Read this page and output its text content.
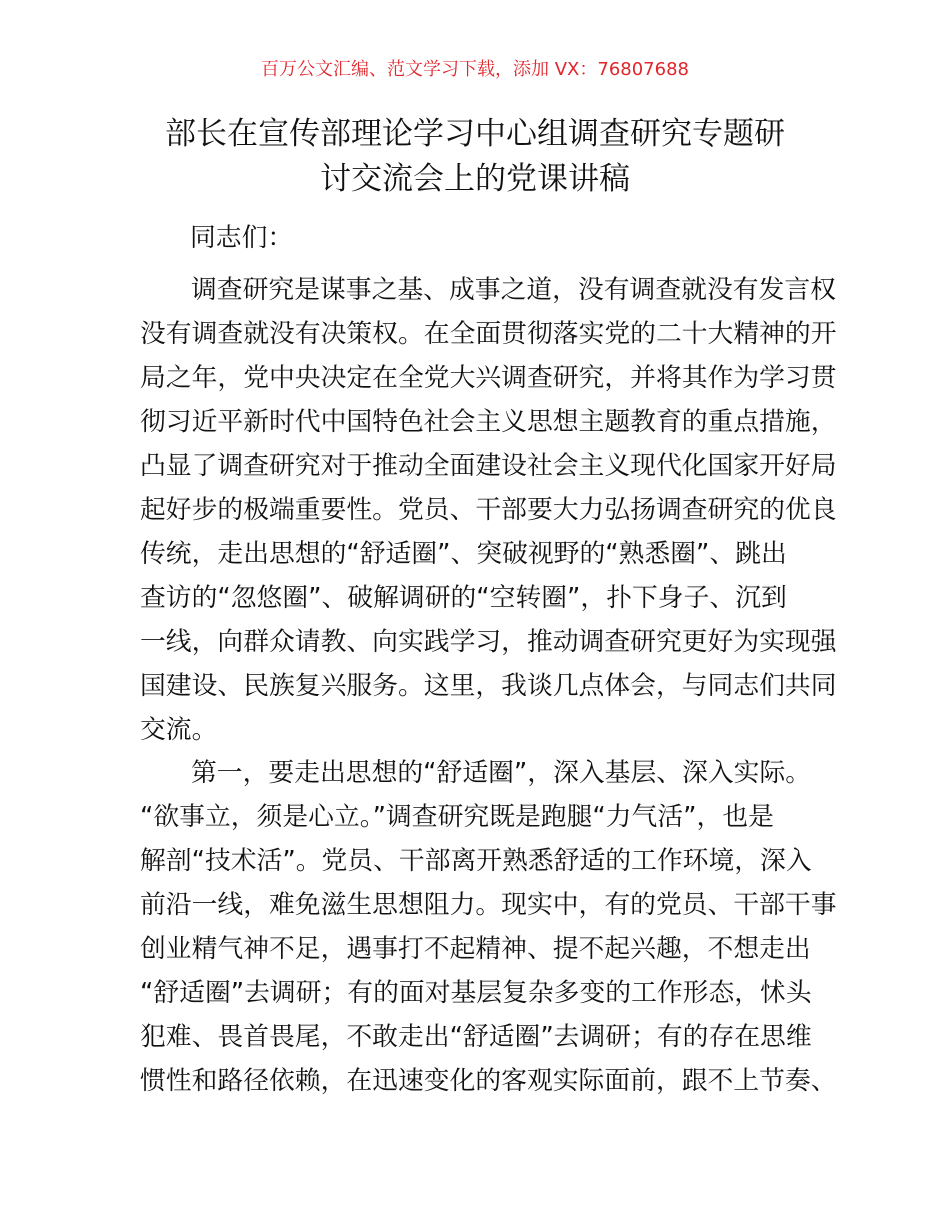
百万公文汇编、范文学习下载，添加 VX：76807688
部长在宣传部理论学习中心组调查研究专题研
讨交流会上的党课讲稿
同志们：
调查研究是谋事之基、成事之道，没有调查就没有发言权
没有调查就没有决策权。在全面贯彻落实党的二十大精神的开
局之年，党中央决定在全党大兴调查研究，并将其作为学习贯
彻习近平新时代中国特色社会主义思想主题教育的重点措施，
凸显了调查研究对于推动全面建设社会主义现代化国家开好局
起好步的极端重要性。党员、干部要大力弘扬调查研究的优良
传统，走出思想的“舒适圈”、突破视野的“熟悉圈”、跳出
查访的“忽悠圈”、破解调研的“空转圈”，扑下身子、沉到
一线，向群众请教、向实践学习，推动调查研究更好为实现强
国建设、民族复兴服务。这里，我谈几点体会，与同志们共同
交流。
第一，要走出思想的“舒适圈”，深入基层、深入实际。
“欲事立，须是心立。”调查研究既是跑腿“力气活”，也是
解剖“技术活”。党员、干部离开熟悉舒适的工作环境，深入
前沿一线，难免滋生思想阻力。现实中，有的党员、干部干事
创业精气神不足，遇事打不起精神、提不起兴趣，不想走出
“舒适圈”去调研；有的面对基层复杂多变的工作形态，怵头
犯难、畏首畏尾，不敢走出“舒适圈”去调研；有的存在思维
惯性和路径依赖，在迅速变化的客观实际面前，跟不上节奏、
